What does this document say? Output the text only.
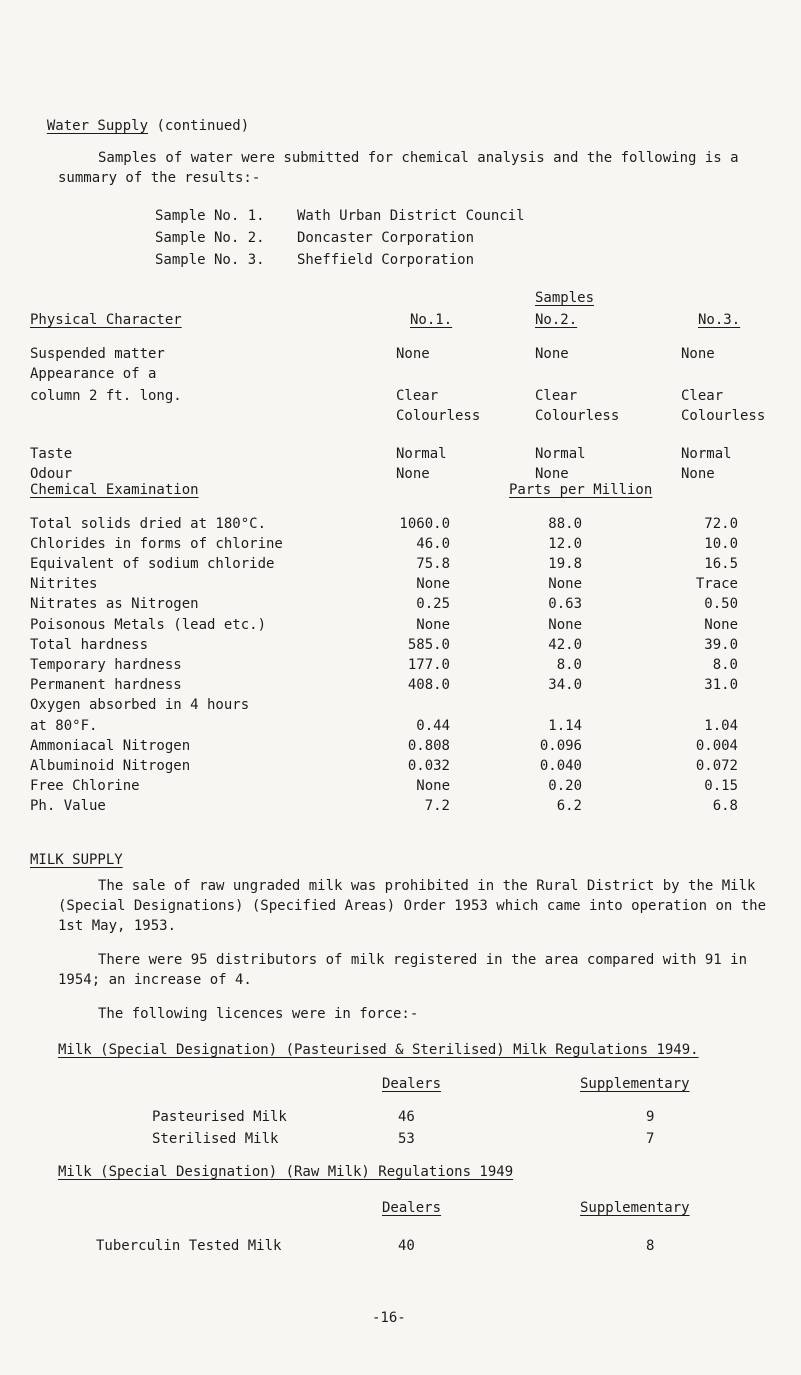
Water Supply (continued)

Samples of water were submitted for chemical analysis and the following is a summary of the results:-
Sample No. 1. Wath Urban District Council
Sample No. 2. Doncaster Corporation
Sample No. 3. Sheffield Corporation
Samples
Physical Character	No.1.	No.2.	No.3.
Suspended matter	None	None	None
Appearance of a
column 2 ft. long.	Clear	Clear	Clear
Colourless	Colourless	Colourless
Taste	Normal	Normal	Normal
Odour	None	None	None
Chemical Examination	Parts per Million
Total solids dried at 180°C.	1060.0	88.0	72.0
Chlorides in forms of chlorine	46.0	12.0	10.0
Equivalent of sodium chloride	75.8	19.8	16.5
Nitrites	None	None	Trace
Nitrates as Nitrogen	0.25	0.63	0.50
Poisonous Metals (lead etc.)	None	None	None
Total hardness	585.0	42.0	39.0
Temporary hardness	177.0	8.0	8.0
Permanent hardness	408.0	34.0	31.0
Oxygen absorbed in 4 hours
at 80°F.	0.44	1.14	1.04
Ammoniacal Nitrogen	0.808	0.096	0.004
Albuminoid Nitrogen	0.032	0.040	0.072
Free Chlorine	None	0.20	0.15
Ph. Value	7.2	6.2	6.8
MILK SUPPLY
The sale of raw ungraded milk was prohibited in the Rural District by the Milk (Special Designations) (Specified Areas) Order 1953 which came into operation on the 1st May, 1953.
There were 95 distributors of milk registered in the area compared with 91 in 1954; an increase of 4.
The following licences were in force:-
Milk (Special Designation) (Pasteurised & Sterilised) Milk Regulations 1949.
Dealers	Supplementary
Pasteurised Milk	46	9
Sterilised Milk	53	7
Milk (Special Designation) (Raw Milk) Regulations 1949
Dealers	Supplementary
Tuberculin Tested Milk	40	8
-16-
